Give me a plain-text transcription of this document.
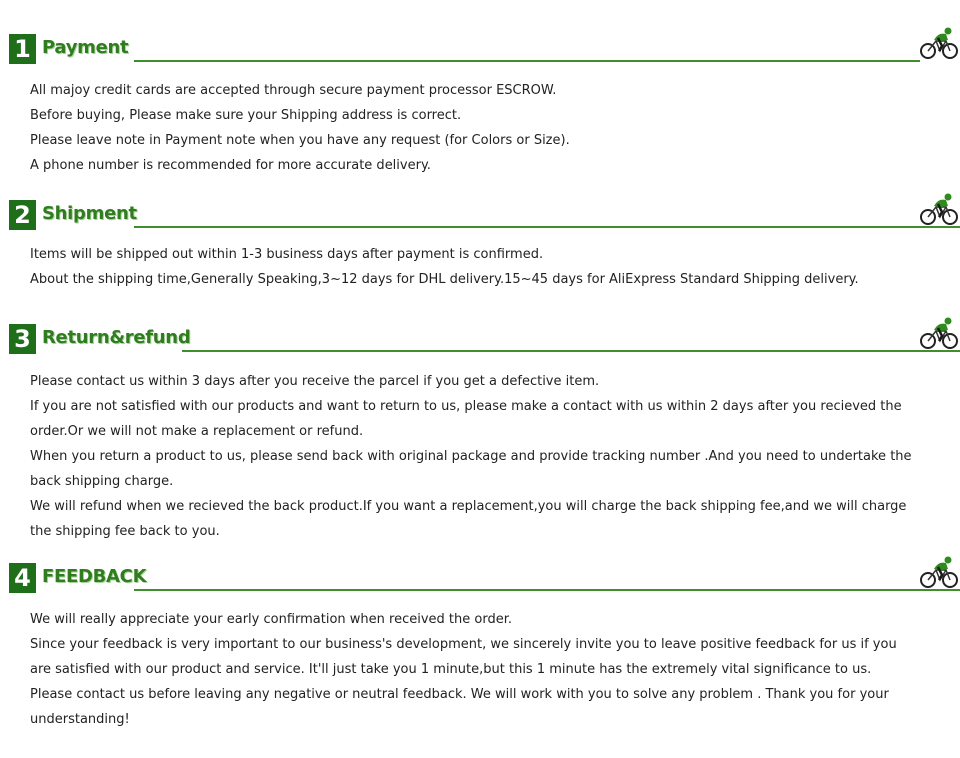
1 Payment

All majoy credit cards are accepted through secure payment processor ESCROW.

Before buying, Please make sure your Shipping address is correct.

Please leave note in Payment note when you have any request (for Colors or Size).

A phone number is recommended for more accurate delivery.

2 Shipment

Items will be shipped out within 1-3 business days after payment is confirmed.

About the shipping time,Generally Speaking,3~12 days for DHL delivery.15~45 days for AliExpress Standard Shipping delivery.

3 Return&refund

Please contact us within 3 days after you receive the parcel if you get a defective item.

If you are not satisfied with our products and want to return to us, please make a contact with us within 2 days after you recieved the order.Or we will not make a replacement or refund.

When you return a product to us, please send back with original package and provide tracking number .And you need to undertake the back shipping charge.

We will refund when we recieved the back product.If you want a replacement,you will charge the back shipping fee,and we will charge the shipping fee back to you.

4 FEEDBACK

We will really appreciate your early confirmation when received the order.

Since your feedback is very important to our business's development, we sincerely invite you to leave positive feedback for us if you are satisfied with our product and service. It'll just take you 1 minute,but this 1 minute has the extremely vital significance to us.

Please contact us before leaving any negative or neutral feedback. We will work with you to solve any problem . Thank you for your understanding!
